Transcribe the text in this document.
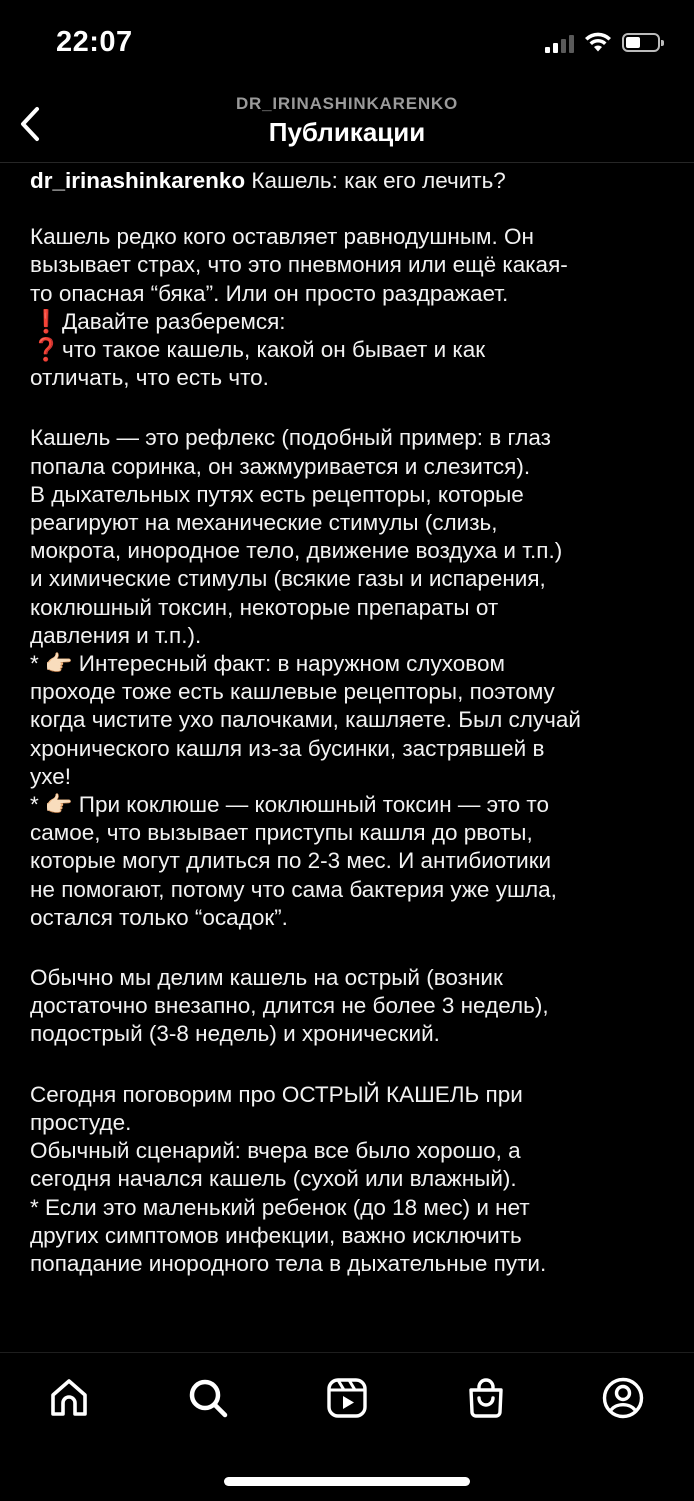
22:07
DR_IRINASHINKARENKO
Публикации

dr_irinashinkarenko Кашель: как его лечить?

Кашель редко кого оставляет равнодушным. Он

вызывает страх, что это пневмония или ещё какая-

то опасная “бяка”. Или он просто раздражает.

❗Давайте разберемся:

❓что такое кашель, какой он бывает и как

отличать, что есть что.

Кашель — это рефлекс (подобный пример: в глаз

попала соринка, он зажмуривается и слезится).

В дыхательных путях есть рецепторы, которые

реагируют на механические стимулы (слизь,

мокрота, инородное тело, движение воздуха и т.п.)

и химические стимулы (всякие газы и испарения,

коклюшный токсин, некоторые препараты от

давления и т.п.).

* 👉🏻 Интересный факт: в наружном слуховом

проходе тоже есть кашлевые рецепторы, поэтому

когда чистите ухо палочками, кашляете. Был случай

хронического кашля из-за бусинки, застрявшей в

ухе!

* 👉🏻 При коклюше — коклюшный токсин — это то

самое, что вызывает приступы кашля до рвоты,

которые могут длиться по 2-3 мес. И антибиотики

не помогают, потому что сама бактерия уже ушла,

остался только “осадок”.

Обычно мы делим кашель на острый (возник

достаточно внезапно, длится не более 3 недель),

подострый (3-8 недель) и хронический.

Сегодня поговорим про ОСТРЫЙ КАШЕЛЬ при

простуде.

Обычный сценарий: вчера все было хорошо, а

сегодня начался кашель (сухой или влажный).

* Если это маленький ребенок (до 18 мес) и нет

других симптомов инфекции, важно исключить

попадание инородного тела в дыхательные пути.
